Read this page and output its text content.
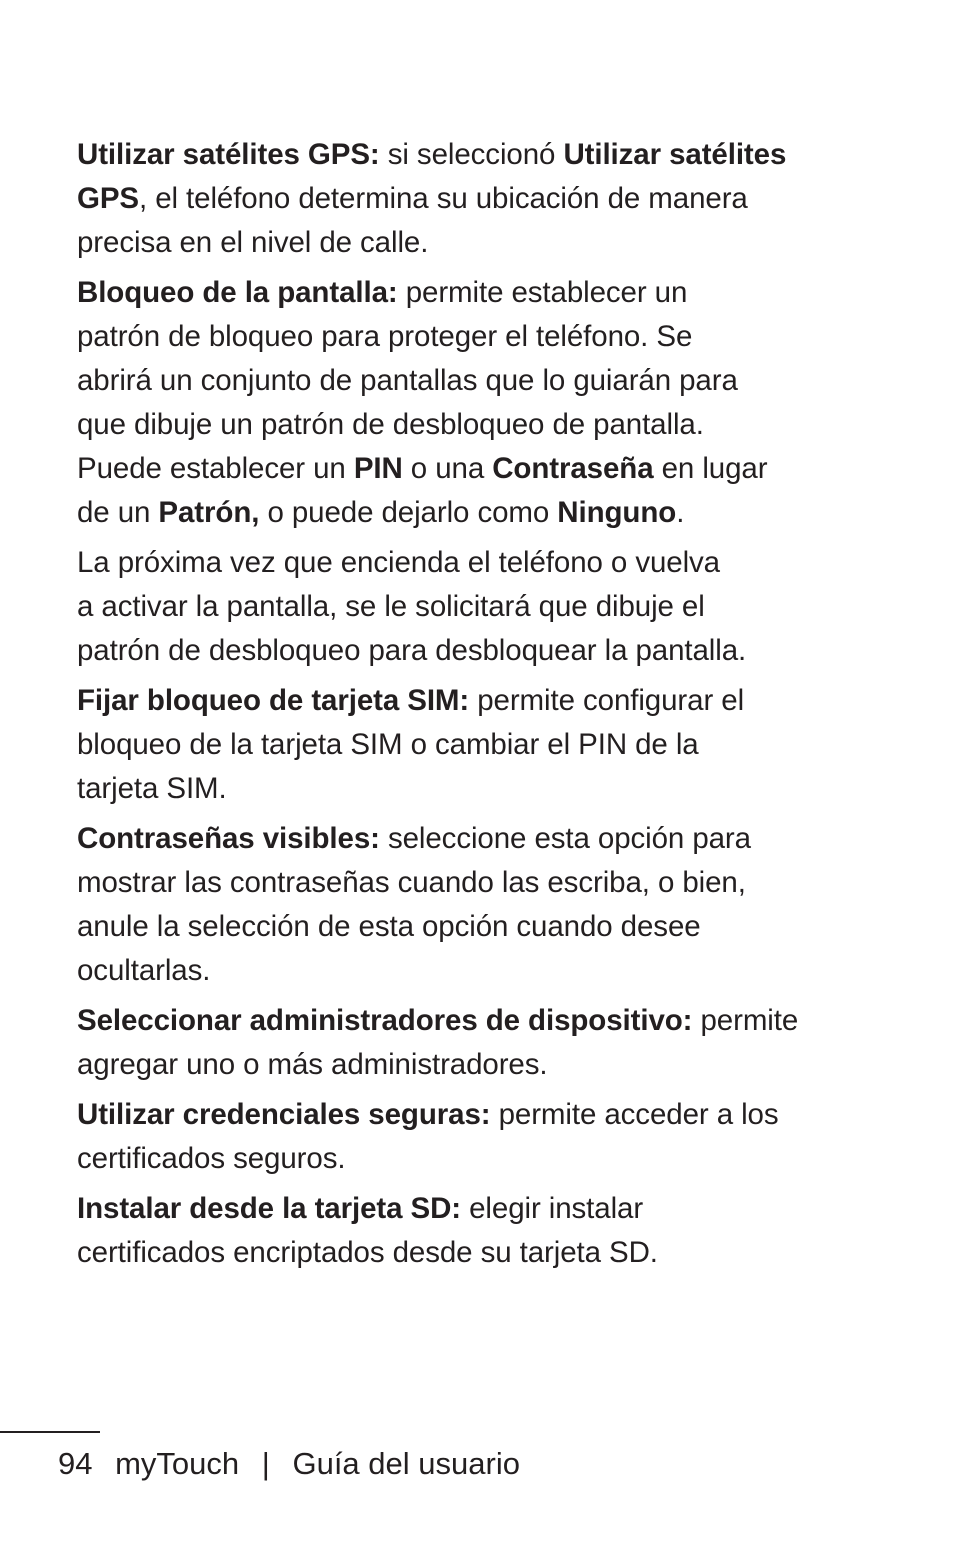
Utilizar satélites GPS: si seleccionó Utilizar satélites
GPS, el teléfono determina su ubicación de manera
precisa en el nivel de calle.
Bloqueo de la pantalla: permite establecer un
patrón de bloqueo para proteger el teléfono. Se
abrirá un conjunto de pantallas que lo guiarán para
que dibuje un patrón de desbloqueo de pantalla.
Puede establecer un PIN o una Contraseña en lugar
de un Patrón, o puede dejarlo como Ninguno.
La próxima vez que encienda el teléfono o vuelva
a activar la pantalla, se le solicitará que dibuje el
patrón de desbloqueo para desbloquear la pantalla.
Fijar bloqueo de tarjeta SIM: permite configurar el
bloqueo de la tarjeta SIM o cambiar el PIN de la
tarjeta SIM.
Contraseñas visibles: seleccione esta opción para
mostrar las contraseñas cuando las escriba, o bien,
anule la selección de esta opción cuando desee
ocultarlas.
Seleccionar administradores de dispositivo: permite
agregar uno o más administradores.
Utilizar credenciales seguras: permite acceder a los
certificados seguros.
Instalar desde la tarjeta SD: elegir instalar
certificados encriptados desde su tarjeta SD.
94 myTouch | Guía del usuario
